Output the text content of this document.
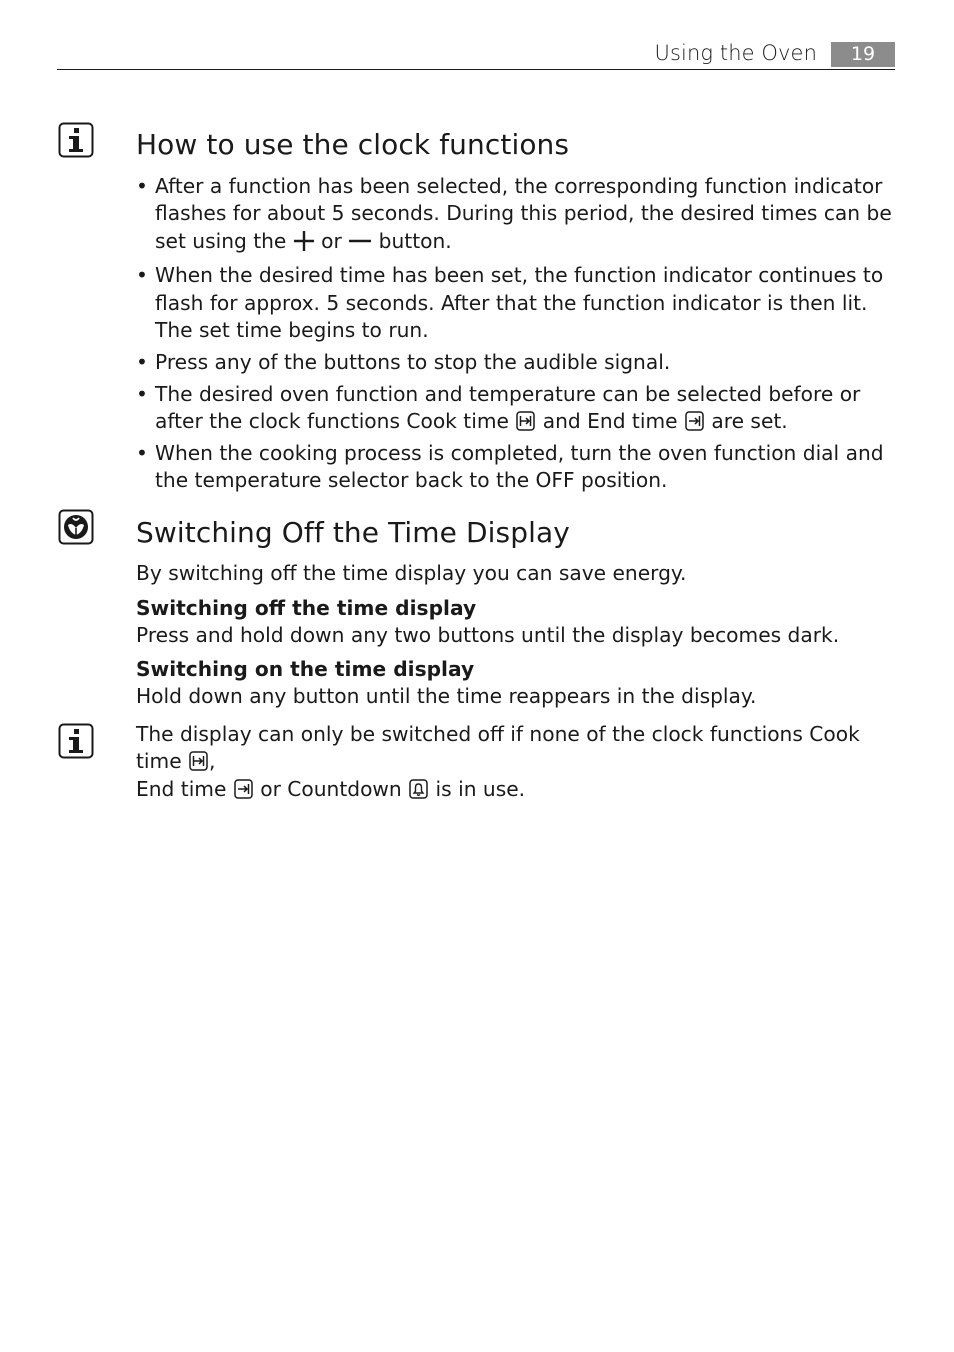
Using the Oven	19
How to use the clock functions
• After a function has been selected, the corresponding function indicator flashes for about 5 seconds. During this period, the desired times can be set using the  or  button.
• When the desired time has been set, the function indicator continues to flash for approx. 5 seconds. After that the function indicator is then lit. The set time begins to run.
• Press any of the buttons to stop the audible signal.
• The desired oven function and temperature can be selected before or after the clock functions Cook time  and End time  are set.
• When the cooking process is completed, turn the oven function dial and the temperature selector back to the OFF position.
Switching Off the Time Display
By switching off the time display you can save energy.
Switching off the time display
Press and hold down any two buttons until the display becomes dark.
Switching on the time display
Hold down any button until the time reappears in the display.
The display can only be switched off if none of the clock functions Cook time ,
End time  or Countdown  is in use.
